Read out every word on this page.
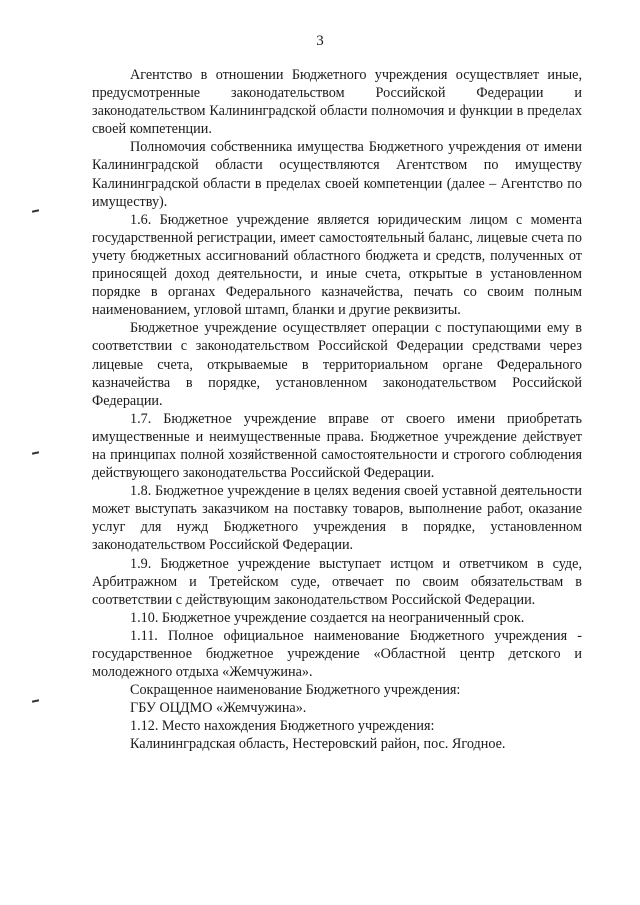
3

Агентство в отношении Бюджетного учреждения осуществляет иные, предусмотренные законодательством Российской Федерации и законодательством Калининградской области полномочия и функции в пределах своей компетенции.

Полномочия собственника имущества Бюджетного учреждения от имени Калининградской области осуществляются Агентством по имуществу Калининградской области в пределах своей компетенции (далее – Агентство по имуществу).

1.6. Бюджетное учреждение является юридическим лицом с момента государственной регистрации, имеет самостоятельный баланс, лицевые счета по учету бюджетных ассигнований областного бюджета и средств, полученных от приносящей доход деятельности, и иные счета, открытые в установленном порядке в органах Федерального казначейства, печать со своим полным наименованием, угловой штамп, бланки и другие реквизиты.

Бюджетное учреждение осуществляет операции с поступающими ему в соответствии с законодательством Российской Федерации средствами через лицевые счета, открываемые в территориальном органе Федерального казначейства в порядке, установленном законодательством Российской Федерации.

1.7. Бюджетное учреждение вправе от своего имени приобретать имущественные и неимущественные права. Бюджетное учреждение действует на принципах полной хозяйственной самостоятельности и строгого соблюдения действующего законодательства Российской Федерации.

1.8. Бюджетное учреждение в целях ведения своей уставной деятельности может выступать заказчиком на поставку товаров, выполнение работ, оказание услуг для нужд Бюджетного учреждения в порядке, установленном законодательством Российской Федерации.

1.9. Бюджетное учреждение выступает истцом и ответчиком в суде, Арбитражном и Третейском суде, отвечает по своим обязательствам в соответствии с действующим законодательством Российской Федерации.

1.10. Бюджетное учреждение создается на неограниченный срок.

1.11. Полное официальное наименование Бюджетного учреждения - государственное бюджетное учреждение «Областной центр детского и молодежного отдыха «Жемчужина».

Сокращенное наименование Бюджетного учреждения:

ГБУ ОЦДМО «Жемчужина».

1.12. Место нахождения Бюджетного учреждения:

Калининградская область, Нестеровский район, пос. Ягодное.
